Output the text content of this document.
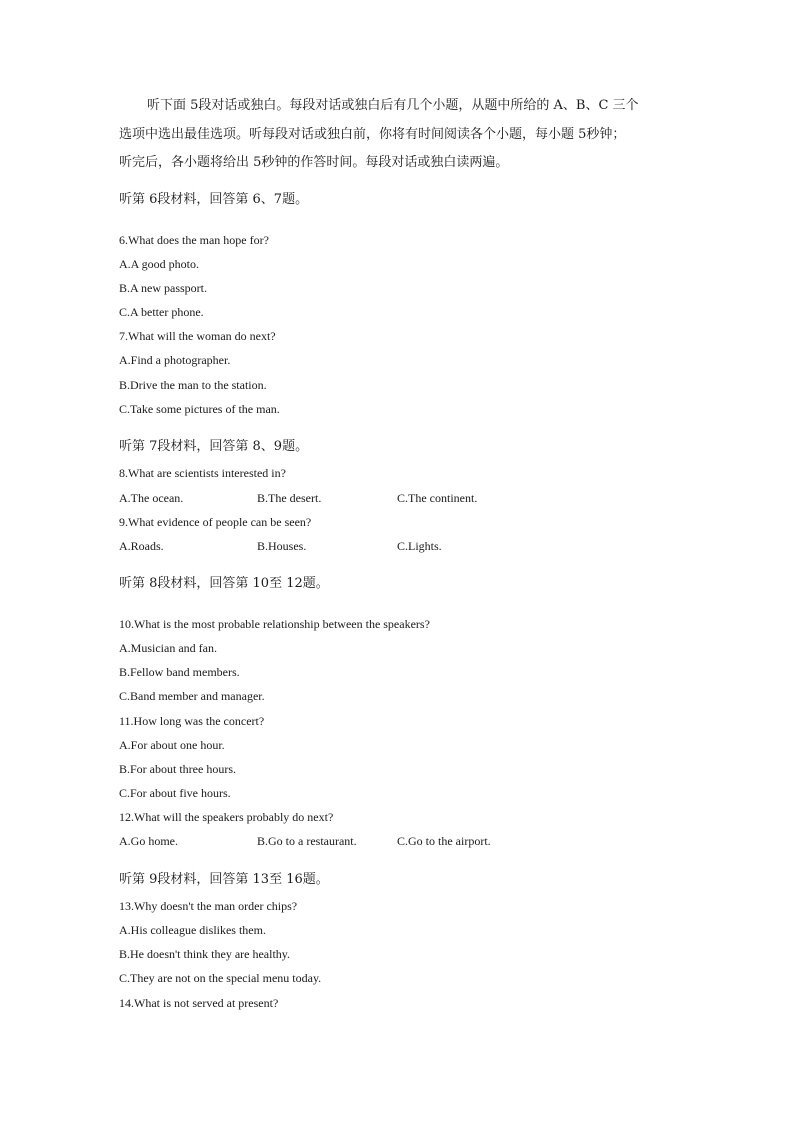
听下面 5段对话或独白。每段对话或独白后有几个小题，从题中所给的 A、B、C 三个

选项中选出最佳选项。听每段对话或独白前，你将有时间阅读各个小题，每小题 5秒钟；

听完后，各小题将给出 5秒钟的作答时间。每段对话或独白读两遍。

听第 6段材料，回答第 6、7题。
6.What does the man hope for?
A.A good photo.
B.A new passport.
C.A better phone.
7.What will the woman do next?
A.Find a photographer.
B.Drive the man to the station.
C.Take some pictures of the man.
听第 7段材料，回答第 8、9题。
8.What are scientists interested in?
A.The ocean.	B.The desert.	C.The continent.
9.What evidence of people can be seen?
A.Roads.	B.Houses.	C.Lights.
听第 8段材料，回答第 10至 12题。
10.What is the most probable relationship between the speakers?
A.Musician and fan.
B.Fellow band members.
C.Band member and manager.
11.How long was the concert?
A.For about one hour.
B.For about three hours.
C.For about five hours.
12.What will the speakers probably do next?
A.Go home.	B.Go to a restaurant.	C.Go to the airport.
听第 9段材料，回答第 13至 16题。
13.Why doesn't the man order chips?
A.His colleague dislikes them.
B.He doesn't think they are healthy.
C.They are not on the special menu today.
14.What is not served at present?
